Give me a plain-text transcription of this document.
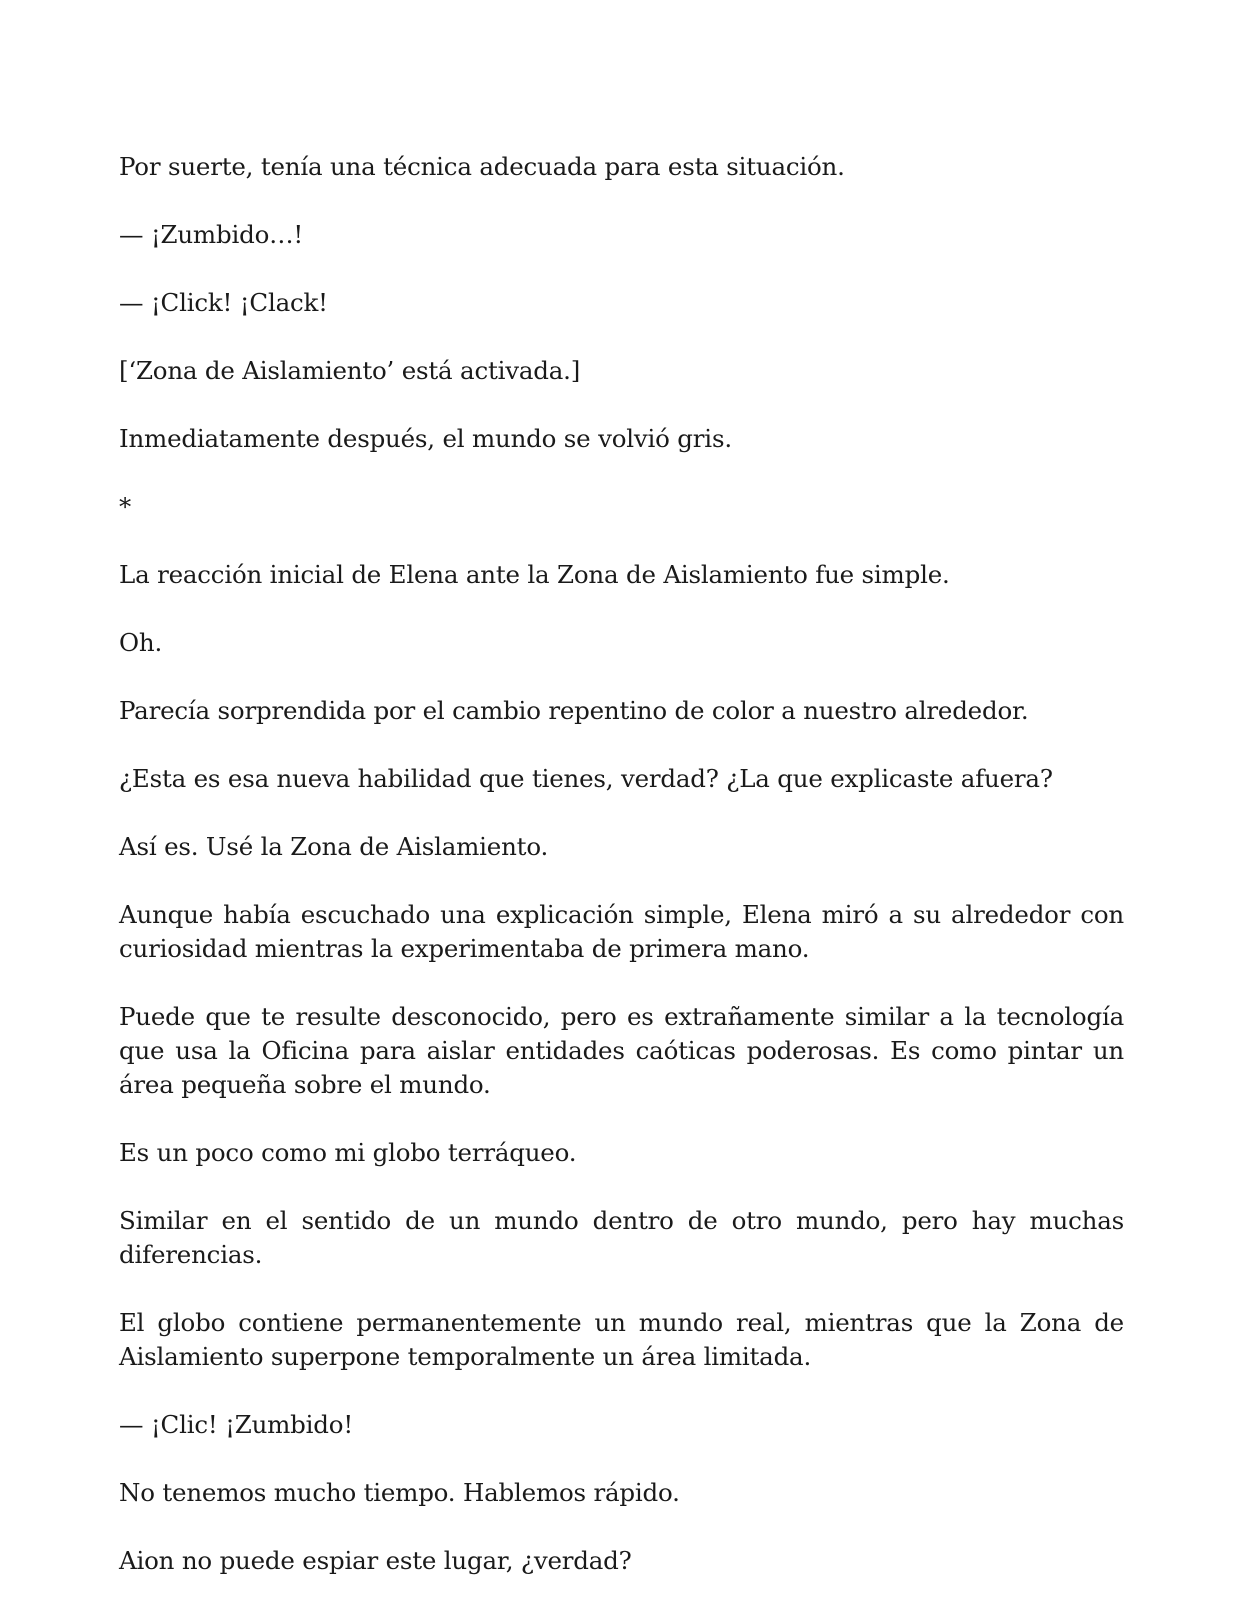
Por suerte, tenía una técnica adecuada para esta situación.

— ¡Zumbido…!

— ¡Click! ¡Clack!

[‘Zona de Aislamiento’ está activada.]

Inmediatamente después, el mundo se volvió gris.

*

La reacción inicial de Elena ante la Zona de Aislamiento fue simple.

Oh.

Parecía sorprendida por el cambio repentino de color a nuestro alrededor.

¿Esta es esa nueva habilidad que tienes, verdad? ¿La que explicaste afuera?

Así es. Usé la Zona de Aislamiento.

Aunque había escuchado una explicación simple, Elena miró a su alrededor con curiosidad mientras la experimentaba de primera mano.

Puede que te resulte desconocido, pero es extrañamente similar a la tecnología que usa la Oficina para aislar entidades caóticas poderosas. Es como pintar un área pequeña sobre el mundo.

Es un poco como mi globo terráqueo.

Similar en el sentido de un mundo dentro de otro mundo, pero hay muchas diferencias.

El globo contiene permanentemente un mundo real, mientras que la Zona de Aislamiento superpone temporalmente un área limitada.

— ¡Clic! ¡Zumbido!

No tenemos mucho tiempo. Hablemos rápido.

Aion no puede espiar este lugar, ¿verdad?
